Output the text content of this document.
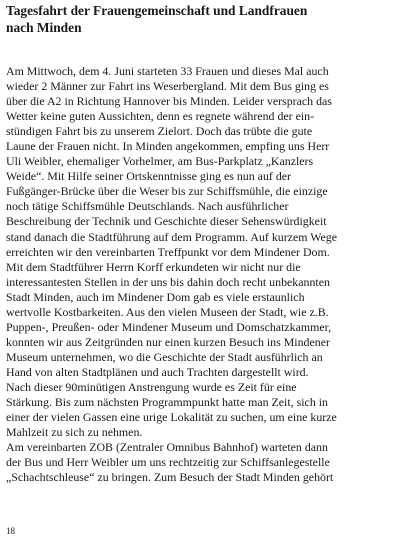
Tagesfahrt der Frauengemeinschaft und Landfrauen
nach Minden
Am Mittwoch, dem 4. Juni starteten 33 Frauen und dieses Mal auch
wieder 2 Männer zur Fahrt ins Weserbergland. Mit dem Bus ging es
über die A2 in Richtung Hannover bis Minden. Leider versprach das
Wetter keine guten Aussichten, denn es regnete während der ein-
stündigen Fahrt bis zu unserem Zielort. Doch das trübte die gute
Laune der Frauen nicht. In Minden angekommen, empfing uns Herr
Uli Weibler, ehemaliger Vorhelmer, am Bus-Parkplatz „Kanzlers
Weide“. Mit Hilfe seiner Ortskenntnisse ging es nun auf der
Fußgänger-Brücke über die Weser bis zur Schiffsmühle, die einzige
noch tätige Schiffsmühle Deutschlands. Nach ausführlicher
Beschreibung der Technik und Geschichte dieser Sehenswürdigkeit
stand danach die Stadtführung auf dem Programm. Auf kurzem Wege
erreichten wir den vereinbarten Treffpunkt vor dem Mindener Dom.
Mit dem Stadtführer Herrn Korff erkundeten wir nicht nur die
interessantesten Stellen in der uns bis dahin doch recht unbekannten
Stadt Minden, auch im Mindener Dom gab es viele erstaunlich
wertvolle Kostbarkeiten. Aus den vielen Museen der Stadt, wie z.B.
Puppen-, Preußen- oder Mindener Museum und Domschatzkammer,
konnten wir aus Zeitgründen nur einen kurzen Besuch ins Mindener
Museum unternehmen, wo die Geschichte der Stadt ausführlich an
Hand von alten Stadtplänen und auch Trachten dargestellt wird.
Nach dieser 90minütigen Anstrengung wurde es Zeit für eine
Stärkung. Bis zum nächsten Programmpunkt hatte man Zeit, sich in
einer der vielen Gassen eine urige Lokalität zu suchen, um eine kurze
Mahlzeit zu sich zu nehmen.
Am vereinbarten ZOB (Zentraler Omnibus Bahnhof) warteten dann
der Bus und Herr Weibler um uns rechtzeitig zur Schiffsanlegestelle
„Schachtschleuse“ zu bringen. Zum Besuch der Stadt Minden gehört
18
